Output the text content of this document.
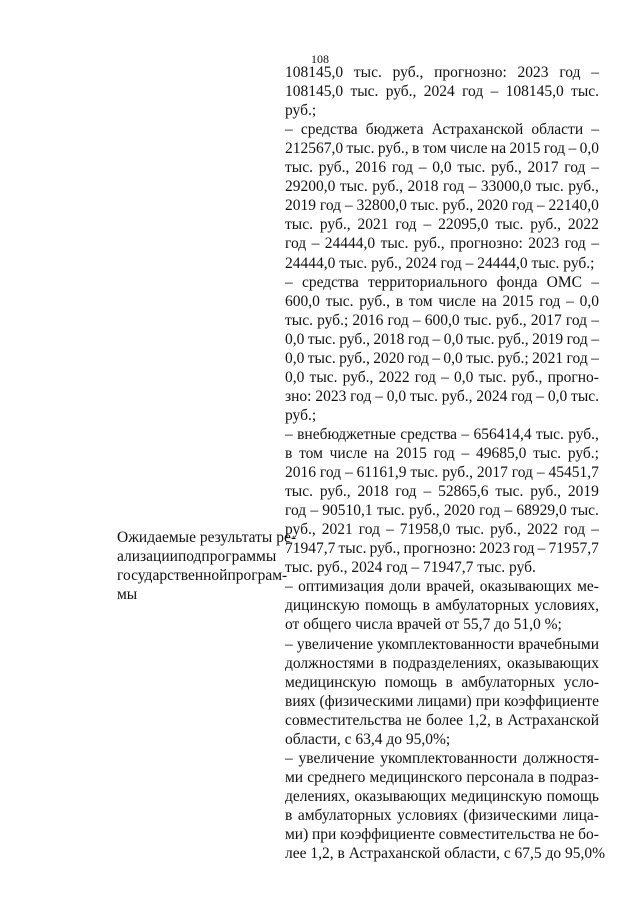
108
Ожидаемые результаты ре-
ализации подпрограммы
государственной програм-
мы
108145,0 тыс. руб., прогнозно: 2023 год –
108145,0 тыс. руб., 2024 год – 108145,0 тыс.
руб.;
– средства бюджета Астраханской области –
212567,0 тыс. руб., в том числе на 2015 год – 0,0
тыс. руб., 2016 год – 0,0 тыс. руб., 2017 год –
29200,0 тыс. руб., 2018 год – 33000,0 тыс. руб.,
2019 год – 32800,0 тыс. руб., 2020 год – 22140,0
тыс. руб., 2021 год – 22095,0 тыс. руб., 2022
год – 24444,0 тыс. руб., прогнозно: 2023 год –
24444,0 тыс. руб., 2024 год – 24444,0 тыс. руб.;
– средства территориального фонда ОМС –
600,0 тыс. руб., в том числе на 2015 год – 0,0
тыс. руб.; 2016 год – 600,0 тыс. руб., 2017 год –
0,0 тыс. руб., 2018 год – 0,0 тыс. руб., 2019 год –
0,0 тыс. руб., 2020 год – 0,0 тыс. руб.; 2021 год –
0,0 тыс. руб., 2022 год – 0,0 тыс. руб., прогно-
зно: 2023 год – 0,0 тыс. руб., 2024 год – 0,0 тыс.
руб.;
– внебюджетные средства – 656414,4 тыс. руб.,
в том числе на 2015 год – 49685,0 тыс. руб.;
2016 год – 61161,9 тыс. руб., 2017 год – 45451,7
тыс. руб., 2018 год – 52865,6 тыс. руб., 2019
год – 90510,1 тыс. руб., 2020 год – 68929,0 тыс.
руб., 2021 год – 71958,0 тыс. руб., 2022 год –
71947,7 тыс. руб., прогнозно: 2023 год – 71957,7
тыс. руб., 2024 год – 71947,7 тыс. руб.
– оптимизация доли врачей, оказывающих ме-
дицинскую помощь в амбулаторных условиях,
от общего числа врачей от 55,7 до 51,0 %;
– увеличение укомплектованности врачебными
должностями в подразделениях, оказывающих
медицинскую помощь в амбулаторных усло-
виях (физическими лицами) при коэффициенте
совместительства не более 1,2, в Астраханской
области, с 63,4 до 95,0%;
– увеличение укомплектованности должностя-
ми среднего медицинского персонала в подраз-
делениях, оказывающих медицинскую помощь
в амбулаторных условиях (физическими лица-
ми) при коэффициенте совместительства не бо-
лее 1,2, в Астраханской области, с 67,5 до 95,0%
